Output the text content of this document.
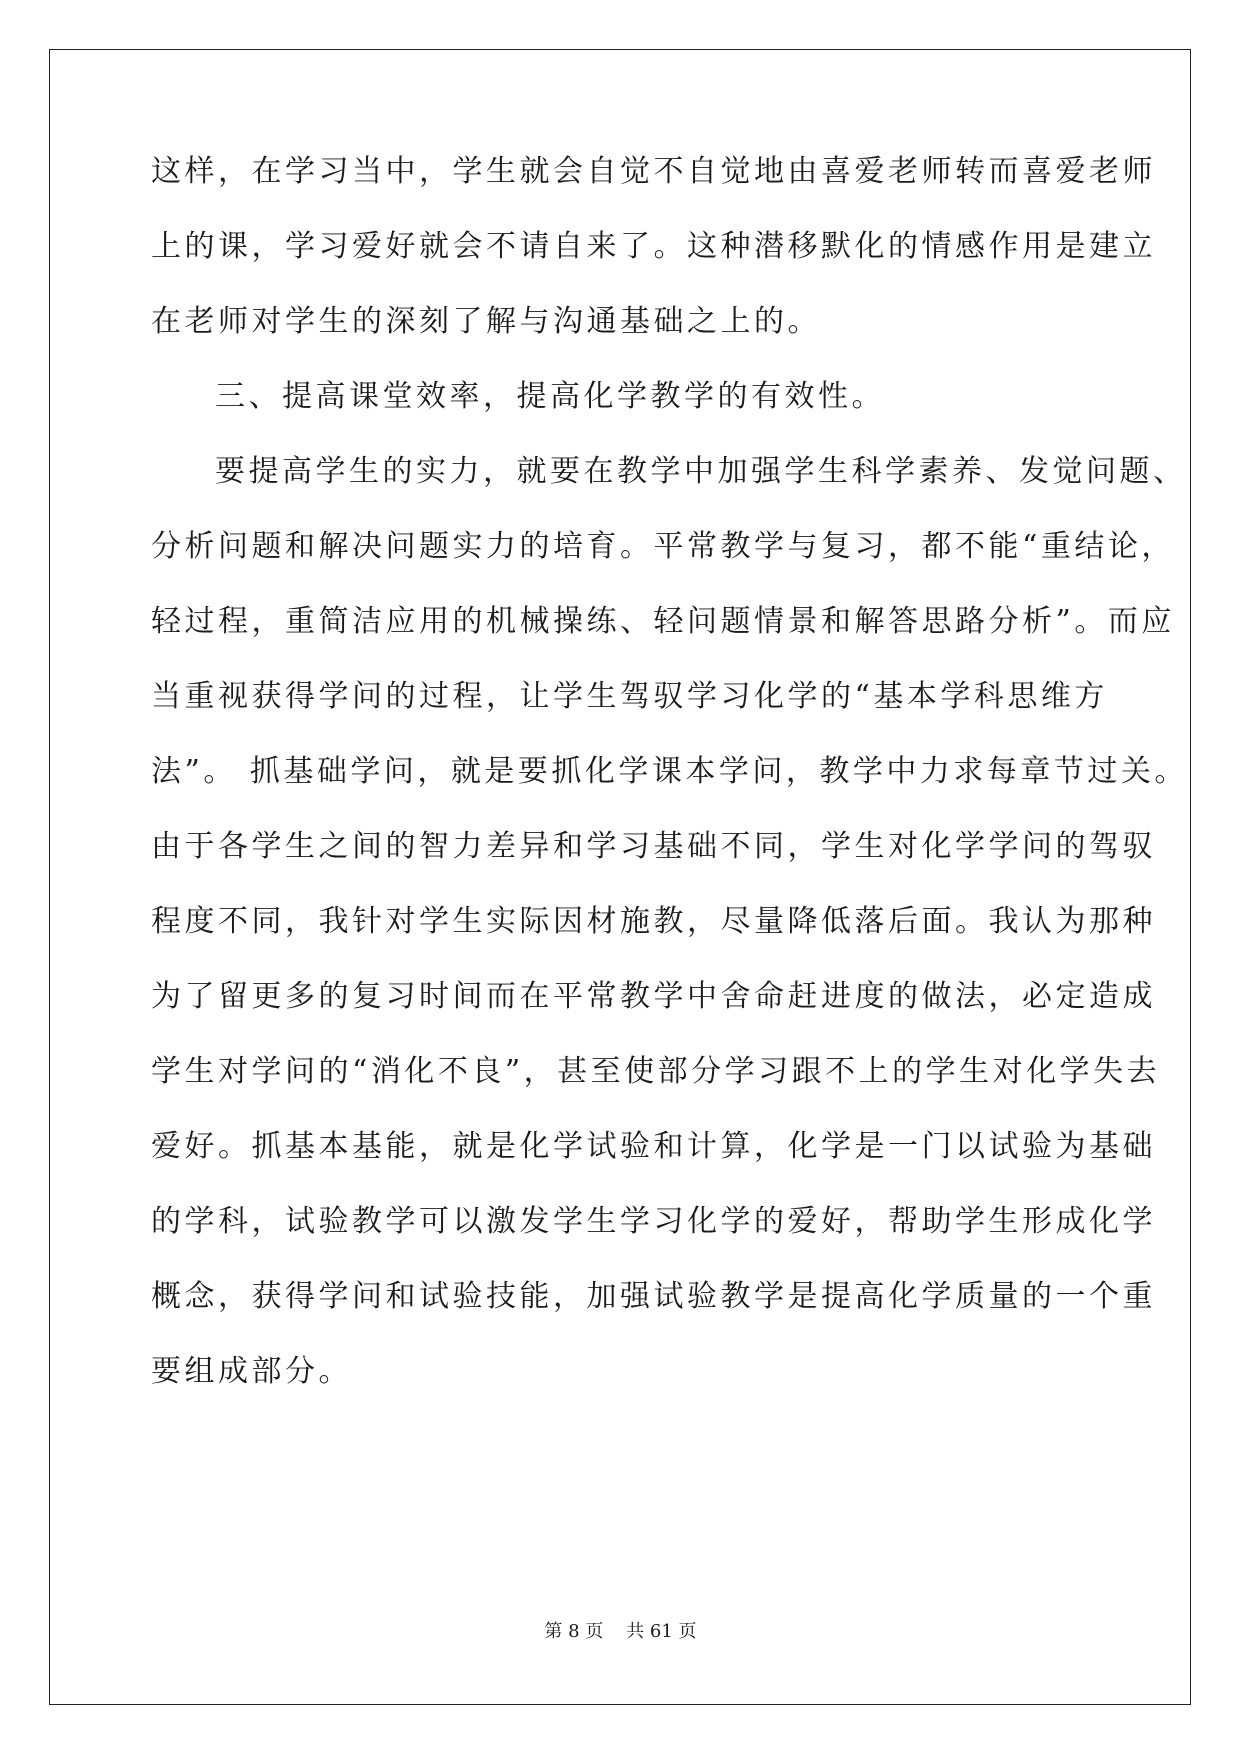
这样，在学习当中，学生就会自觉不自觉地由喜爱老师转而喜爱老师
上的课，学习爱好就会不请自来了。这种潜移默化的情感作用是建立
在老师对学生的深刻了解与沟通基础之上的。
三、提高课堂效率，提高化学教学的有效性。
要提高学生的实力，就要在教学中加强学生科学素养、发觉问题、
分析问题和解决问题实力的培育。平常教学与复习，都不能“重结论，
轻过程，重简洁应用的机械操练、轻问题情景和解答思路分析”。而应
当重视获得学问的过程，让学生驾驭学习化学的“基本学科思维方
法”。 抓基础学问，就是要抓化学课本学问，教学中力求每章节过关。
由于各学生之间的智力差异和学习基础不同，学生对化学学问的驾驭
程度不同，我针对学生实际因材施教，尽量降低落后面。我认为那种
为了留更多的复习时间而在平常教学中舍命赶进度的做法，必定造成
学生对学问的“消化不良”，甚至使部分学习跟不上的学生对化学失去
爱好。抓基本基能，就是化学试验和计算，化学是一门以试验为基础
的学科，试验教学可以激发学生学习化学的爱好，帮助学生形成化学
概念，获得学问和试验技能，加强试验教学是提高化学质量的一个重
要组成部分。
第 8 页    共 61 页
